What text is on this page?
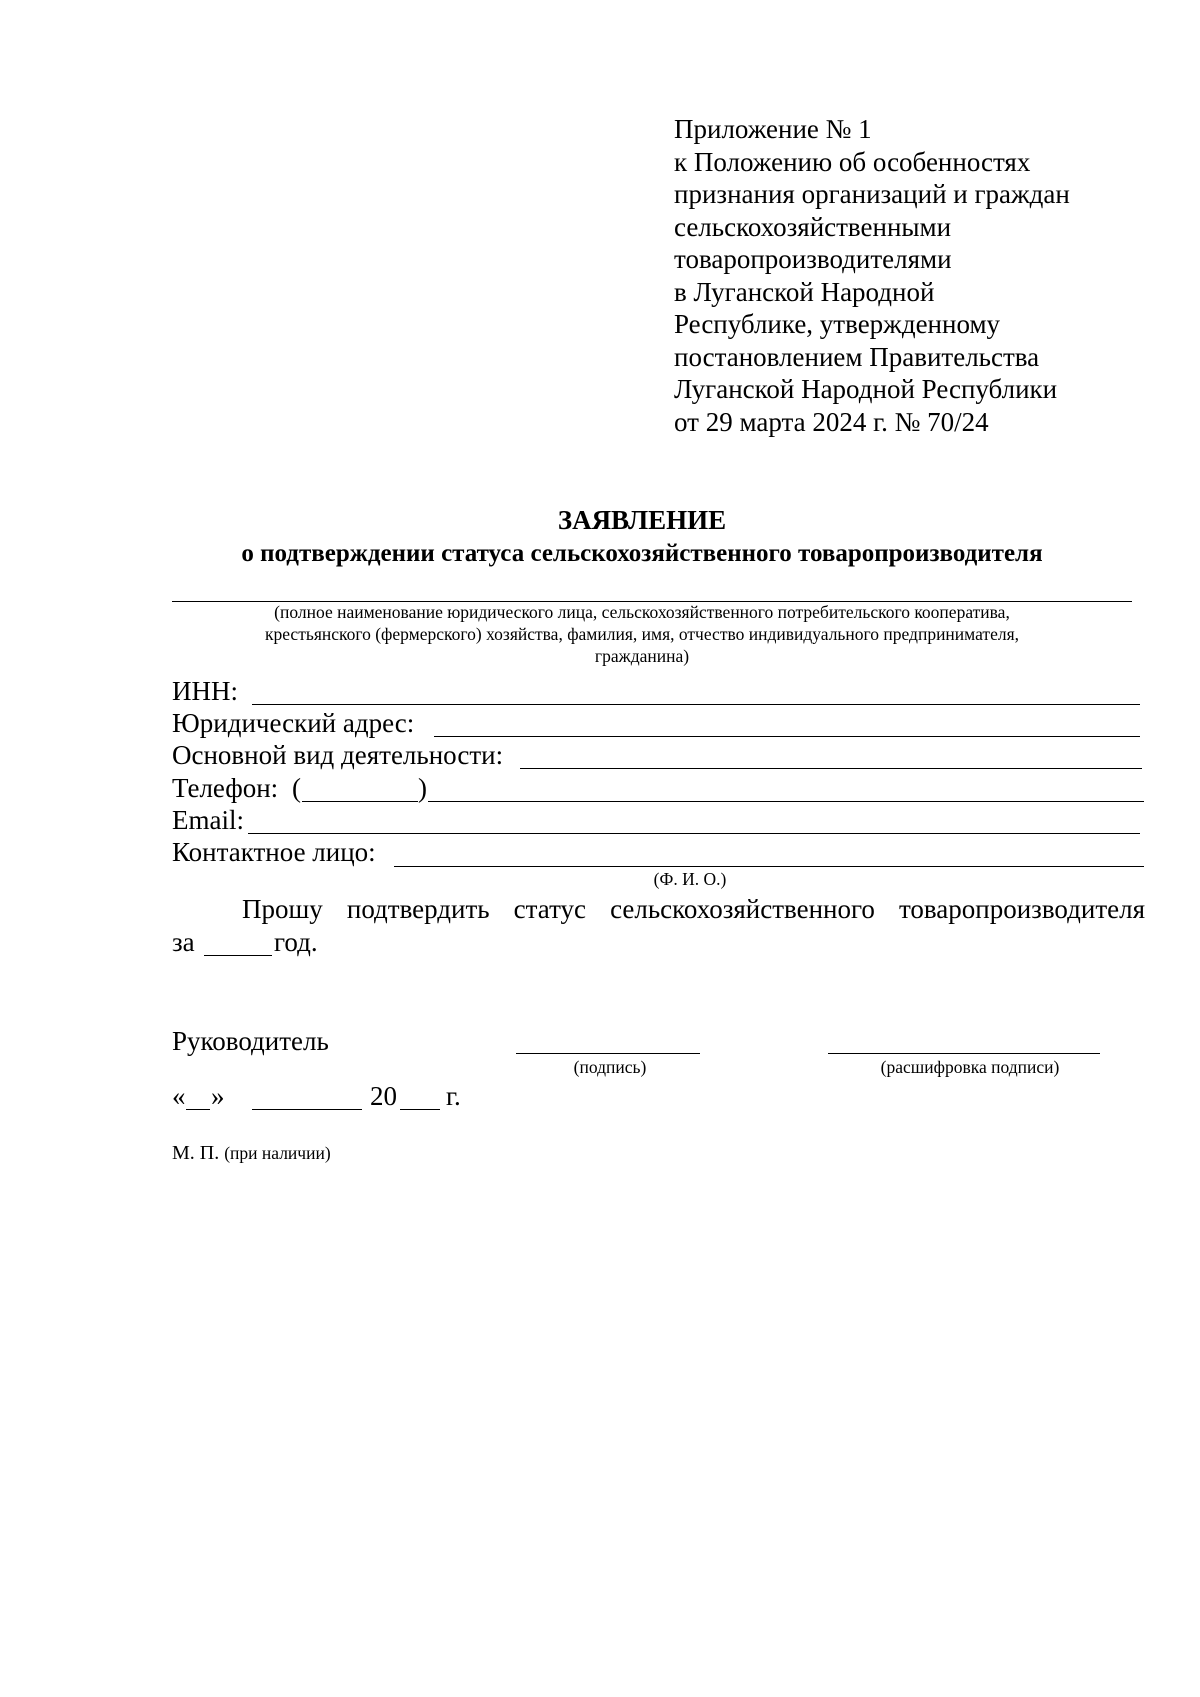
Приложение № 1
к Положению об особенностях
признания организаций и граждан
сельскохозяйственными
товаропроизводителями
в Луганской Народной
Республике, утвержденному
постановлением Правительства
Луганской Народной Республики
от 29 марта 2024 г. № 70/24
ЗАЯВЛЕНИЕ
о подтверждении статуса сельскохозяйственного товаропроизводителя
(полное наименование юридического лица, сельскохозяйственного потребительского кооператива,
крестьянского (фермерского) хозяйства, фамилия, имя, отчество индивидуального предпринимателя,
гражданина)
ИНН:
Юридический адрес:
Основной вид деятельности:
Телефон: (	)
Email:
Контактное лицо:
(Ф. И. О.)
Прошу подтвердить статус сельскохозяйственного товаропроизводителя
за	год.
Руководитель
(подпись)	(расшифровка подписи)
« »	20 г.
М. П. (при наличии)
